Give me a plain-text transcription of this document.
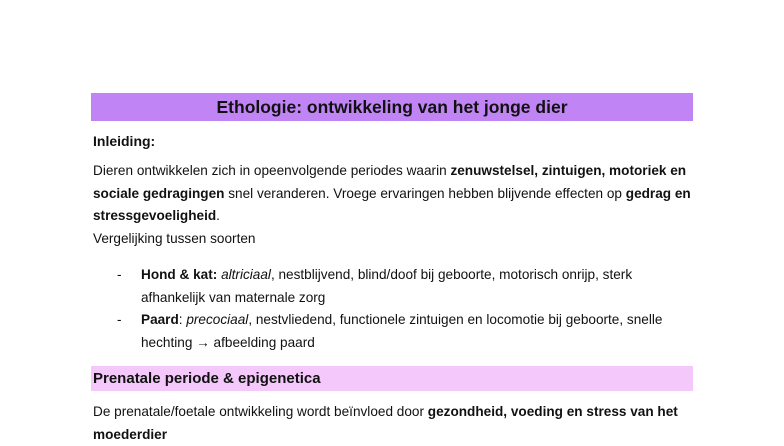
Ethologie: ontwikkeling van het jonge dier
Inleiding:
Dieren ontwikkelen zich in opeenvolgende periodes waarin zenuwstelsel, zintuigen, motoriek en sociale gedragingen snel veranderen. Vroege ervaringen hebben blijvende effecten op gedrag en stressgevoeligheid.
Vergelijking tussen soorten
- Hond & kat: altriciaal, nestblijvend, blind/doof bij geboorte, motorisch onrijp, sterk afhankelijk van maternale zorg
- Paard: precociaal, nestvliedend, functionele zintuigen en locomotie bij geboorte, snelle hechting → afbeelding paard
Prenatale periode & epigenetica
De prenatale/foetale ontwikkeling wordt beïnvloed door gezondheid, voeding en stress van het moederdier
